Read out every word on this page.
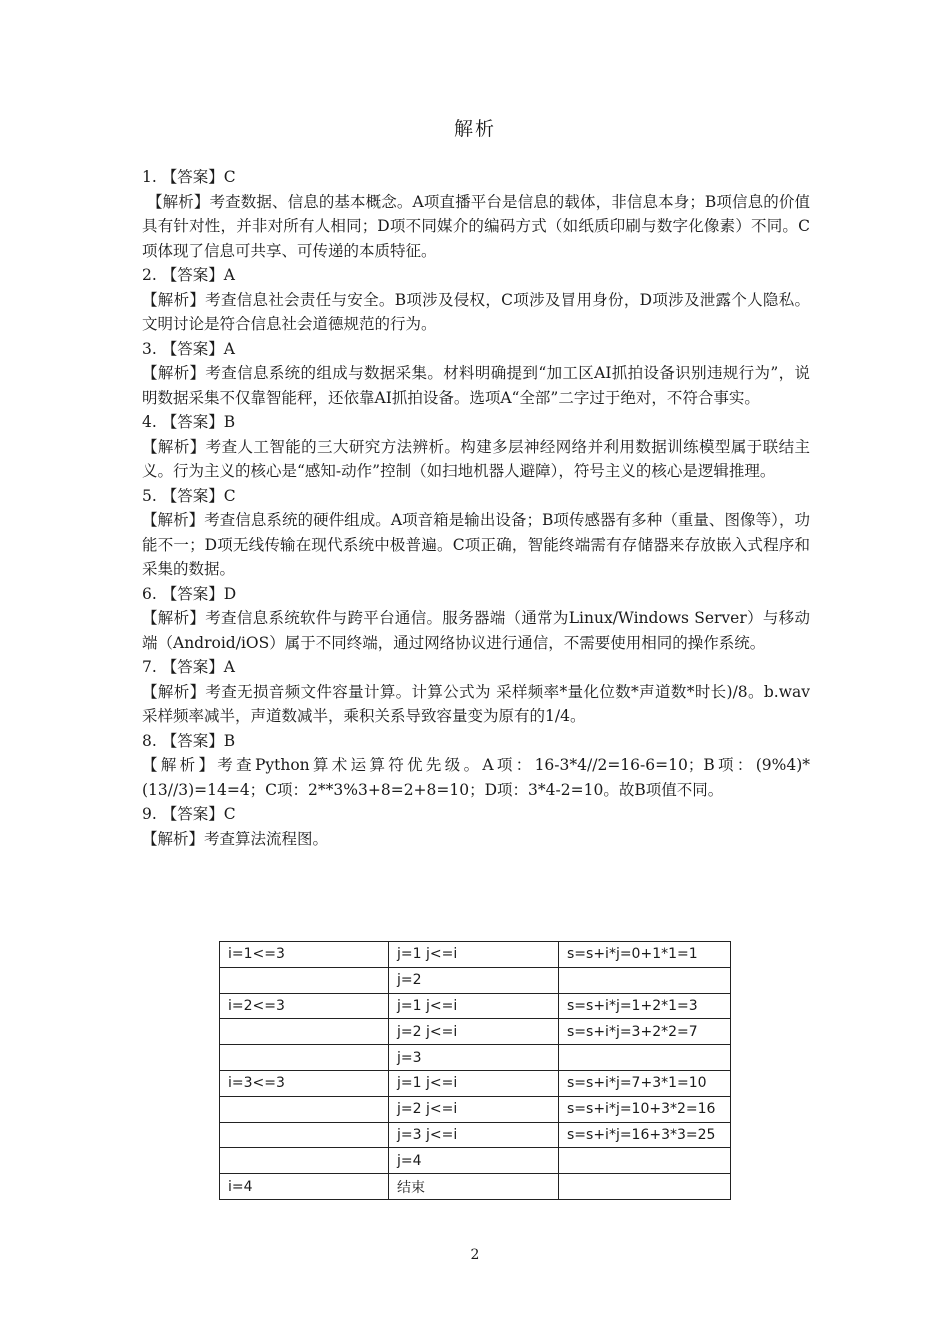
解析
1. 【答案】C
【解析】考查数据、信息的基本概念。A项直播平台是信息的载体，非信息本身；B项信息的价值具有针对性，并非对所有人相同；D项不同媒介的编码方式（如纸质印刷与数字化像素）不同。C项体现了信息可共享、可传递的本质特征。
2. 【答案】A
【解析】考查信息社会责任与安全。B项涉及侵权，C项涉及冒用身份，D项涉及泄露个人隐私。文明讨论是符合信息社会道德规范的行为。
3. 【答案】A
【解析】考查信息系统的组成与数据采集。材料明确提到“加工区AI抓拍设备识别违规行为”，说明数据采集不仅靠智能秤，还依靠AI抓拍设备。选项A“全部”二字过于绝对，不符合事实。
4. 【答案】B
【解析】考查人工智能的三大研究方法辨析。构建多层神经网络并利用数据训练模型属于联结主义。行为主义的核心是“感知-动作”控制（如扫地机器人避障），符号主义的核心是逻辑推理。
5. 【答案】C
【解析】考查信息系统的硬件组成。A项音箱是输出设备；B项传感器有多种（重量、图像等），功能不一；D项无线传输在现代系统中极普遍。C项正确，智能终端需有存储器来存放嵌入式程序和采集的数据。
6. 【答案】D
【解析】考查信息系统软件与跨平台通信。服务器端（通常为Linux/Windows Server）与移动端（Android/iOS）属于不同终端，通过网络协议进行通信，不需要使用相同的操作系统。
7. 【答案】A
【解析】考查无损音频文件容量计算。计算公式为 采样频率*量化位数*声道数*时长)/8。b.wav 采样频率减半，声道数减半，乘积关系导致容量变为原有的1/4。
8. 【答案】B
【解析】考查Python算术运算符优先级。A项：16-3*4//2=16-6=10；B项：(9%4)*(13//3)=14=4；C项：2**3%3+8=2+8=10；D项：3*4-2=10。故B项值不同。
9. 【答案】C
【解析】考查算法流程图。
i=1<=3	j=1 j<=i	s=s+i*j=0+1*1=1
	j=2	
i=2<=3	j=1 j<=i	s=s+i*j=1+2*1=3
	j=2 j<=i	s=s+i*j=3+2*2=7
	j=3	
i=3<=3	j=1 j<=i	s=s+i*j=7+3*1=10
	j=2 j<=i	s=s+i*j=10+3*2=16
	j=3 j<=i	s=s+i*j=16+3*3=25
	j=4	
i=4	结束	
2
